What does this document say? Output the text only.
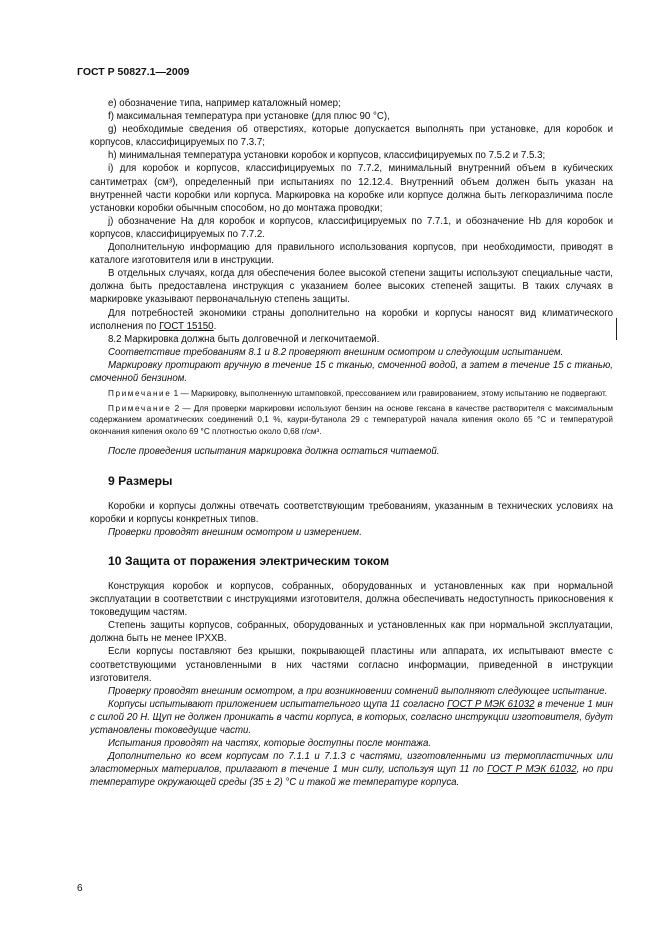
ГОСТ Р 50827.1—2009

е) обозначение типа, например каталожный номер;

f) максимальная температура при установке (для плюс 90 °С),

g) необходимые сведения об отверстиях, которые допускается выполнять при установке, для коробок и корпусов, классифицируемых по 7.3.7;

h) минимальная температура установки коробок и корпусов, классифицируемых по 7.5.2 и 7.5.3;

i) для коробок и корпусов, классифицируемых по 7.7.2, минимальный внутренний объем в кубических сантиметрах (см³), определенный при испытаниях по 12.12.4. Внутренний объем должен быть указан на внутренней части коробки или корпуса. Маркировка на коробке или корпусе должна быть легкоразличима после установки коробки обычным способом, но до монтажа проводки;

j) обозначение На для коробок и корпусов, классифицируемых по 7.7.1, и обозначение Hb для коробок и корпусов, классифицируемых по 7.7.2.

Дополнительную информацию для правильного использования корпусов, при необходимости, приводят в каталоге изготовителя или в инструкции.

В отдельных случаях, когда для обеспечения более высокой степени защиты используют специальные части, должна быть предоставлена инструкция с указанием более высоких степеней защиты. В таких случаях в маркировке указывают первоначальную степень защиты.

Для потребностей экономики страны дополнительно на коробки и корпусы наносят вид климатического исполнения по ГОСТ 15150.

8.2 Маркировка должна быть долговечной и легкочитаемой.

Соответствие требованиям 8.1 и 8.2 проверяют внешним осмотром и следующим испытанием.

Маркировку протирают вручную в течение 15 с тканью, смоченной водой, а затем в течение 15 с тканью, смоченной бензином.

Примечание 1 — Маркировку, выполненную штамповкой, прессованием или гравированием, этому испытанию не подвергают.

Примечание 2 — Для проверки маркировки используют бензин на основе гексана в качестве растворителя с максимальным содержанием ароматических соединений 0,1 %, каури-бутанола 29 с температурой начала кипения около 65 °С и температурой окончания кипения около 69 °С плотностью около 0,68 г/см³.

После проведения испытания маркировка должна остаться читаемой.

9 Размеры

Коробки и корпусы должны отвечать соответствующим требованиям, указанным в технических условиях на коробки и корпусы конкретных типов.

Проверки проводят внешним осмотром и измерением.

10 Защита от поражения электрическим током

Конструкция коробок и корпусов, собранных, оборудованных и установленных как при нормальной эксплуатации в соответствии с инструкциями изготовителя, должна обеспечивать недоступность прикосновения к токоведущим частям.

Степень защиты корпусов, собранных, оборудованных и установленных как при нормальной эксплуатации, должна быть не менее IPXXB.

Если корпусы поставляют без крышки, покрывающей пластины или аппарата, их испытывают вместе с соответствующими установленными в них частями согласно информации, приведенной в инструкции изготовителя.

Проверку проводят внешним осмотром, а при возникновении сомнений выполняют следующее испытание.

Корпусы испытывают приложением испытательного щупа 11 согласно ГОСТ Р МЭК 61032 в течение 1 мин с силой 20 Н. Щуп не должен проникать в части корпуса, в которых, согласно инструкции изготовителя, будут установлены токоведущие части.

Испытания проводят на частях, которые доступны после монтажа.

Дополнительно ко всем корпусам по 7.1.1 и 7.1.3 с частями, изготовленными из термопластичных или эластомерных материалов, прилагают в течение 1 мин силу, используя щуп 11 по ГОСТ Р МЭК 61032, но при температуре окружающей среды (35 ± 2) °С и такой же температуре корпуса.

6
